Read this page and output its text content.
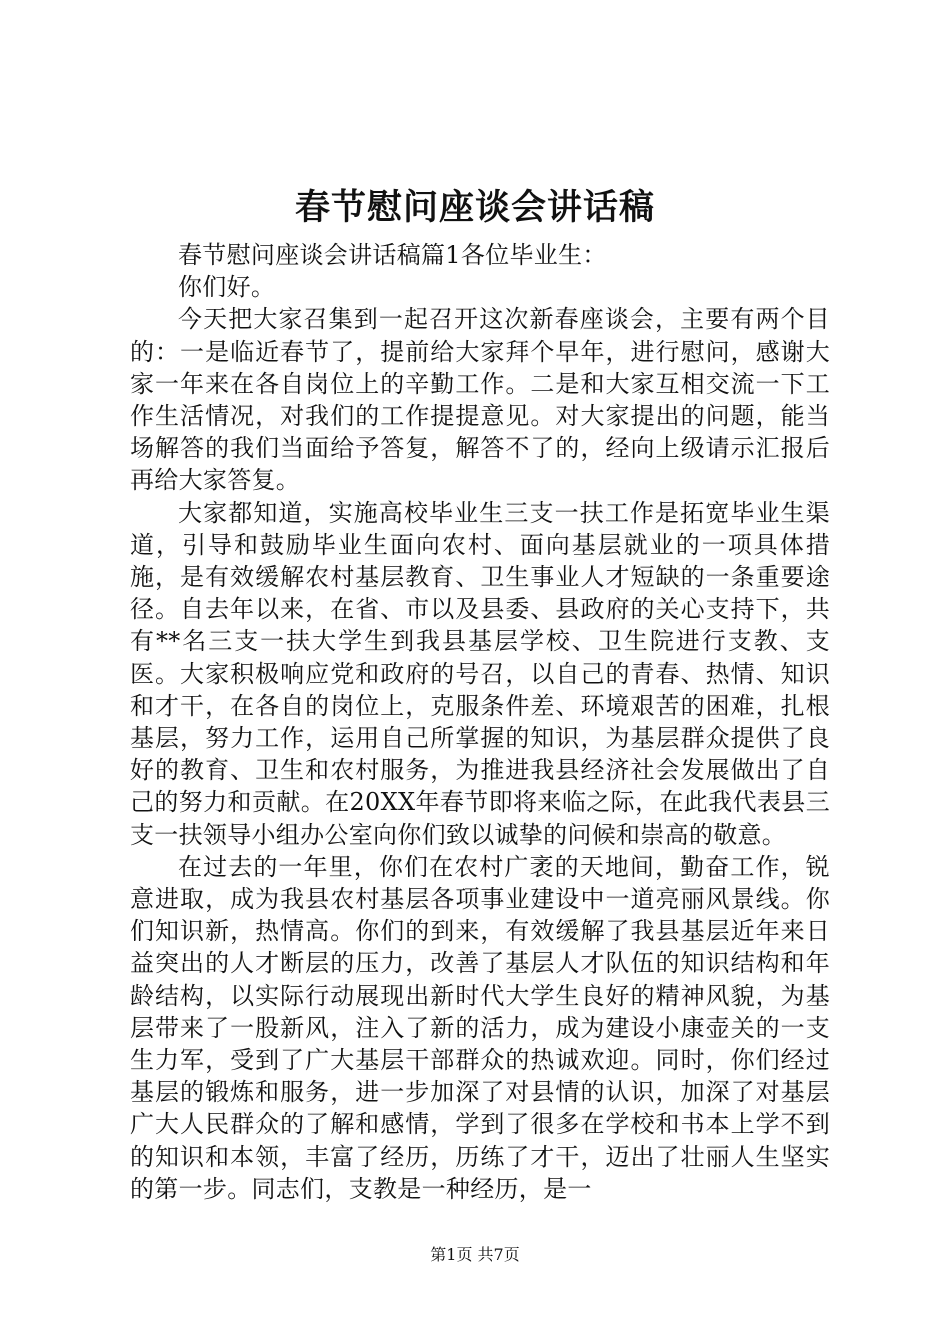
春节慰问座谈会讲话稿

春节慰问座谈会讲话稿篇1各位毕业生：

你们好。

今天把大家召集到一起召开这次新春座谈会，主要有两个目的：一是临近春节了，提前给大家拜个早年，进行慰问，感谢大家一年来在各自岗位上的辛勤工作。二是和大家互相交流一下工作生活情况，对我们的工作提提意见。对大家提出的问题，能当场解答的我们当面给予答复，解答不了的，经向上级请示汇报后再给大家答复。

大家都知道，实施高校毕业生三支一扶工作是拓宽毕业生渠道，引导和鼓励毕业生面向农村、面向基层就业的一项具体措施，是有效缓解农村基层教育、卫生事业人才短缺的一条重要途径。自去年以来，在省、市以及县委、县政府的关心支持下，共有**名三支一扶大学生到我县基层学校、卫生院进行支教、支医。大家积极响应党和政府的号召，以自己的青春、热情、知识和才干，在各自的岗位上，克服条件差、环境艰苦的困难，扎根基层，努力工作，运用自己所掌握的知识，为基层群众提供了良好的教育、卫生和农村服务，为推进我县经济社会发展做出了自己的努力和贡献。在20XX年春节即将来临之际，在此我代表县三支一扶领导小组办公室向你们致以诚挚的问候和崇高的敬意。

在过去的一年里，你们在农村广袤的天地间，勤奋工作，锐意进取，成为我县农村基层各项事业建设中一道亮丽风景线。你们知识新，热情高。你们的到来，有效缓解了我县基层近年来日益突出的人才断层的压力，改善了基层人才队伍的知识结构和年龄结构，以实际行动展现出新时代大学生良好的精神风貌，为基层带来了一股新风，注入了新的活力，成为建设小康壶关的一支生力军，受到了广大基层干部群众的热诚欢迎。同时，你们经过基层的锻炼和服务，进一步加深了对县情的认识，加深了对基层广大人民群众的了解和感情，学到了很多在学校和书本上学不到的知识和本领，丰富了经历，历练了才干，迈出了壮丽人生坚实的第一步。同志们，支教是一种经历，是一

第1页 共7页
